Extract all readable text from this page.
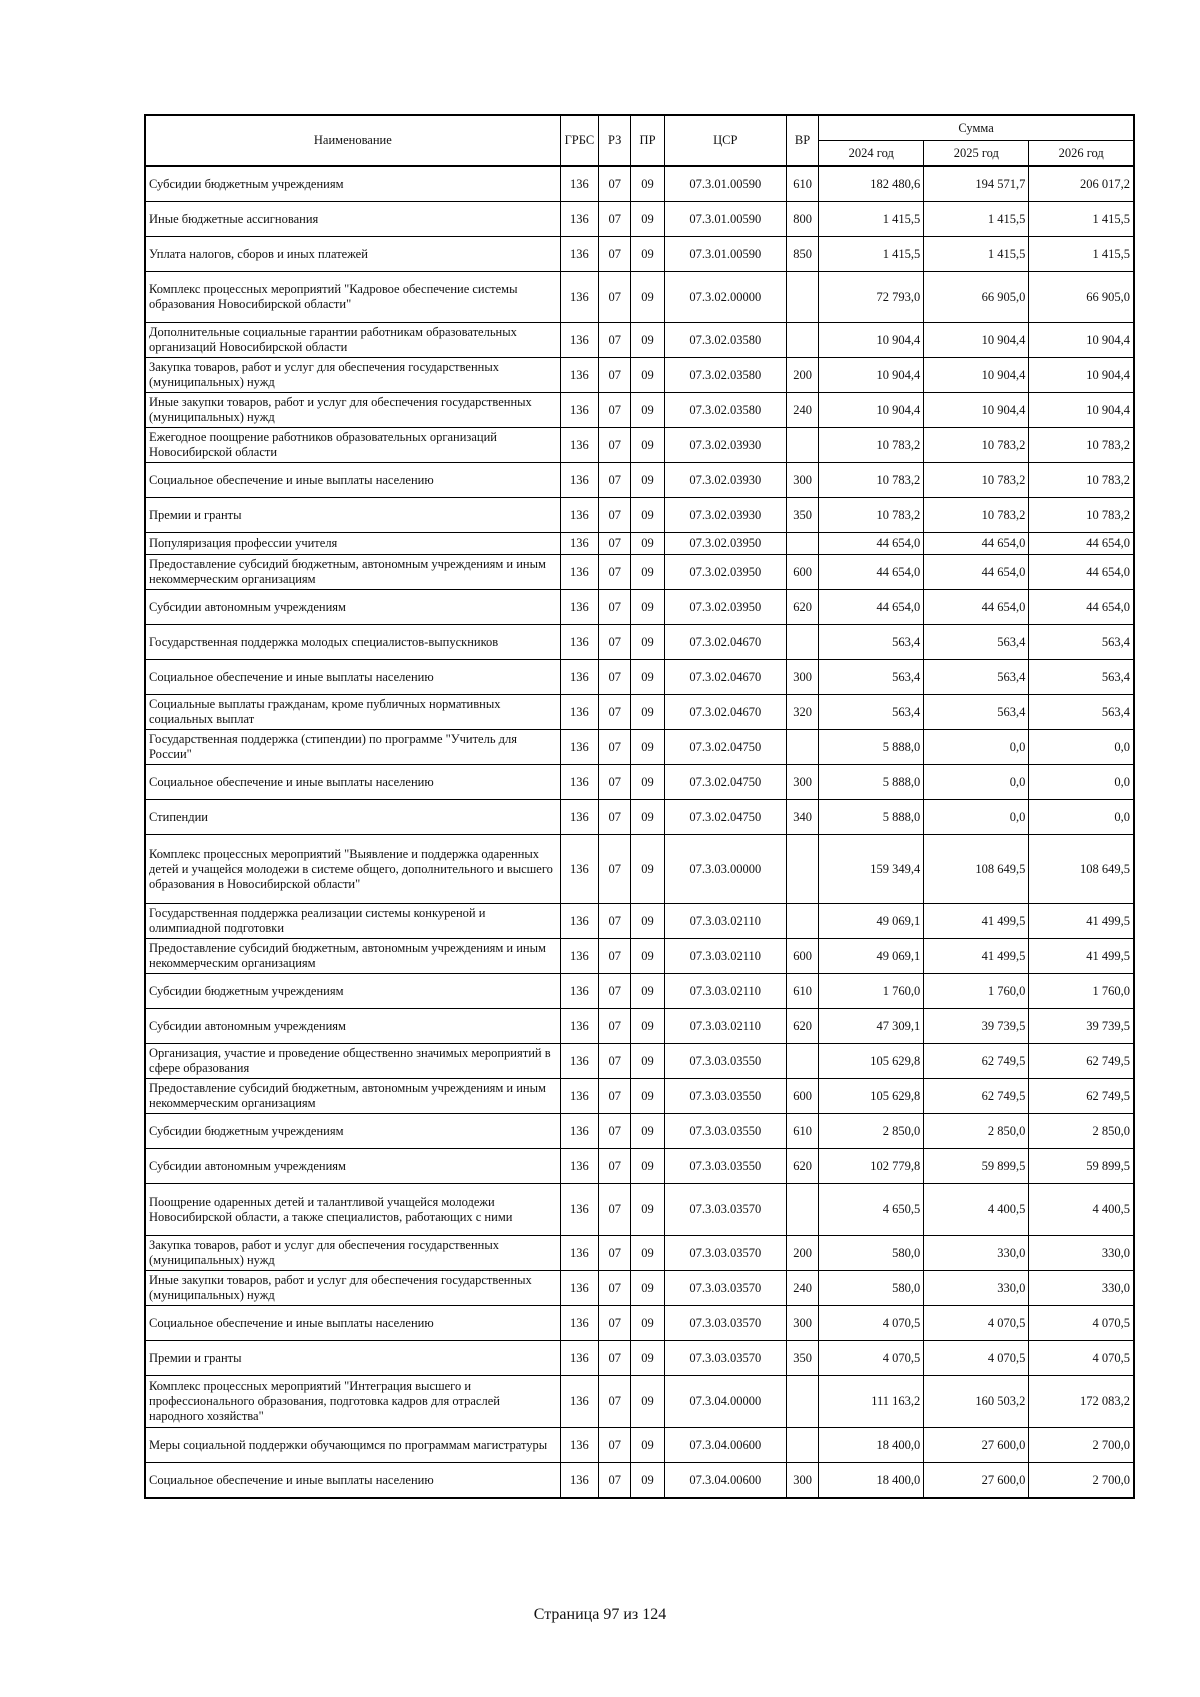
Наименование	ГРБС	РЗ	ПР	ЦСР	ВР	Сумма		
						2024 год	2025 год	2026 год
Субсидии бюджетным учреждениям	136	07	09	07.3.01.00590	610	182 480,6	194 571,7	206 017,2
Иные бюджетные ассигнования	136	07	09	07.3.01.00590	800	1 415,5	1 415,5	1 415,5
Уплата налогов, сборов и иных платежей	136	07	09	07.3.01.00590	850	1 415,5	1 415,5	1 415,5
Комплекс процессных мероприятий "Кадровое обеспечение системы образования Новосибирской области"	136	07	09	07.3.02.00000		72 793,0	66 905,0	66 905,0
Дополнительные социальные гарантии работникам образовательных организаций Новосибирской области	136	07	09	07.3.02.03580		10 904,4	10 904,4	10 904,4
Закупка товаров, работ и услуг для обеспечения государственных (муниципальных) нужд	136	07	09	07.3.02.03580	200	10 904,4	10 904,4	10 904,4
Иные закупки товаров, работ и услуг для обеспечения государственных (муниципальных) нужд	136	07	09	07.3.02.03580	240	10 904,4	10 904,4	10 904,4
Ежегодное поощрение работников образовательных организаций Новосибирской области	136	07	09	07.3.02.03930		10 783,2	10 783,2	10 783,2
Социальное обеспечение и иные выплаты населению	136	07	09	07.3.02.03930	300	10 783,2	10 783,2	10 783,2
Премии и гранты	136	07	09	07.3.02.03930	350	10 783,2	10 783,2	10 783,2
Популяризация профессии учителя	136	07	09	07.3.02.03950		44 654,0	44 654,0	44 654,0
Предоставление субсидий бюджетным, автономным учреждениям и иным некоммерческим организациям	136	07	09	07.3.02.03950	600	44 654,0	44 654,0	44 654,0
Субсидии автономным учреждениям	136	07	09	07.3.02.03950	620	44 654,0	44 654,0	44 654,0
Государственная поддержка молодых специалистов-выпускников	136	07	09	07.3.02.04670		563,4	563,4	563,4
Социальное обеспечение и иные выплаты населению	136	07	09	07.3.02.04670	300	563,4	563,4	563,4
Социальные выплаты гражданам, кроме публичных нормативных социальных выплат	136	07	09	07.3.02.04670	320	563,4	563,4	563,4
Государственная поддержка (стипендии) по программе "Учитель для России"	136	07	09	07.3.02.04750		5 888,0	0,0	0,0
Социальное обеспечение и иные выплаты населению	136	07	09	07.3.02.04750	300	5 888,0	0,0	0,0
Стипендии	136	07	09	07.3.02.04750	340	5 888,0	0,0	0,0
Комплекс процессных мероприятий "Выявление и поддержка одаренных детей и учащейся молодежи в системе общего, дополнительного и высшего образования в Новосибирской области"	136	07	09	07.3.03.00000		159 349,4	108 649,5	108 649,5
Государственная поддержка реализации системы конкуреной и олимпиадной подготовки	136	07	09	07.3.03.02110		49 069,1	41 499,5	41 499,5
Предоставление субсидий бюджетным, автономным учреждениям и иным некоммерческим организациям	136	07	09	07.3.03.02110	600	49 069,1	41 499,5	41 499,5
Субсидии бюджетным учреждениям	136	07	09	07.3.03.02110	610	1 760,0	1 760,0	1 760,0
Субсидии автономным учреждениям	136	07	09	07.3.03.02110	620	47 309,1	39 739,5	39 739,5
Организация, участие и проведение общественно значимых мероприятий в сфере образования	136	07	09	07.3.03.03550		105 629,8	62 749,5	62 749,5
Предоставление субсидий бюджетным, автономным учреждениям и иным некоммерческим организациям	136	07	09	07.3.03.03550	600	105 629,8	62 749,5	62 749,5
Субсидии бюджетным учреждениям	136	07	09	07.3.03.03550	610	2 850,0	2 850,0	2 850,0
Субсидии автономным учреждениям	136	07	09	07.3.03.03550	620	102 779,8	59 899,5	59 899,5
Поощрение одаренных детей и талантливой учащейся молодежи Новосибирской области, а также специалистов, работающих с ними	136	07	09	07.3.03.03570		4 650,5	4 400,5	4 400,5
Закупка товаров, работ и услуг для обеспечения государственных (муниципальных) нужд	136	07	09	07.3.03.03570	200	580,0	330,0	330,0
Иные закупки товаров, работ и услуг для обеспечения государственных (муниципальных) нужд	136	07	09	07.3.03.03570	240	580,0	330,0	330,0
Социальное обеспечение и иные выплаты населению	136	07	09	07.3.03.03570	300	4 070,5	4 070,5	4 070,5
Премии и гранты	136	07	09	07.3.03.03570	350	4 070,5	4 070,5	4 070,5
Комплекс процессных мероприятий "Интеграция высшего и профессионального образования, подготовка кадров для отраслей народного хозяйства"	136	07	09	07.3.04.00000		111 163,2	160 503,2	172 083,2
Меры социальной поддержки обучающимся по программам магистратуры	136	07	09	07.3.04.00600		18 400,0	27 600,0	2 700,0
Социальное обеспечение и иные выплаты населению	136	07	09	07.3.04.00600	300	18 400,0	27 600,0	2 700,0
Страница 97 из 124
